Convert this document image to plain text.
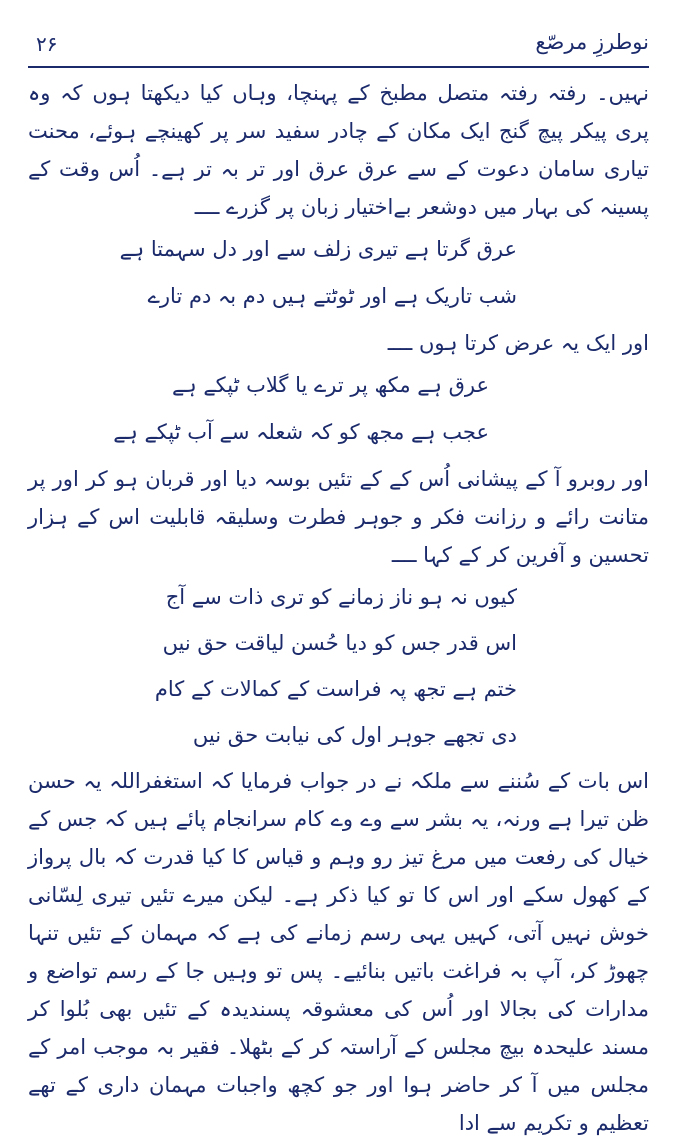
۲۶	نوطرزِ مرصّع

نہیں۔ رفتہ رفتہ متصل مطبخ کے پہنچا، وہاں کیا دیکھتا ہوں کہ وہ پری پیکر پیچ گنج ایک مکان کے چادر سفید سر پر کھینچے ہوئے، محنت تیاری سامان دعوت کے سے عرق عرق اور تر بہ تر ہے۔ اُس وقت کے پسینہ کی بہار میں دوشعر بےاختیار زبان پر گزرے ــــ

عرق گرتا ہے تیری زلف سے اور دل سہمتا ہے
شب تاریک ہے اور ٹوٹتے ہیں دم بہ دم تارے

اور ایک یہ عرض کرتا ہوں ــــ

عرق ہے مکھ پر ترے یا گلاب ٹپکے ہے
عجب ہے مجھ کو کہ شعلہ سے آب ٹپکے ہے

اور روبرو آ کے پیشانی اُس کے کے تئیں بوسہ دیا اور قربان ہو کر اور پر متانت رائے و رزانت فکر و جوہر فطرت وسلیقہ قابلیت اس کے ہزار تحسین و آفرین کر کے کہا ــــ

کیوں نہ ہو ناز زمانے کو تری ذات سے آج
اس قدر جس کو دیا حُسن لیاقت حق نیں
ختم ہے تجھ پہ فراست کے کمالات کے کام
دی تجھے جوہر اول کی نیابت حق نیں

اس بات کے سُننے سے ملکہ نے در جواب فرمایا کہ استغفراللہ یہ حسن ظن تیرا ہے ورنہ، یہ بشر سے وے وے کام سرانجام پائے ہیں کہ جس کے خیال کی رفعت میں مرغ تیز رو وہم و قیاس کا کیا قدرت کہ بال پرواز کے کھول سکے اور اس کا تو کیا ذکر ہے۔ لیکن میرے تئیں تیری لِسّانی خوش نہیں آتی، کہیں یہی رسم زمانے کی ہے کہ مہمان کے تئیں تنہا چھوڑ کر، آپ بہ فراغت باتیں بنائیے۔ پس تو وہیں جا کے رسم تواضع و مدارات کی بجالا اور اُس کی معشوقہ پسندیدہ کے تئیں بھی بُلوا کر مسند علیحدہ بیچ مجلس کے آراستہ کر کے بٹھلا۔ فقیر بہ موجب امر کے مجلس میں آ کر حاضر ہوا اور جو کچھ واجبات مہمان داری کے تھے تعظیم و تکریم سے ادا
